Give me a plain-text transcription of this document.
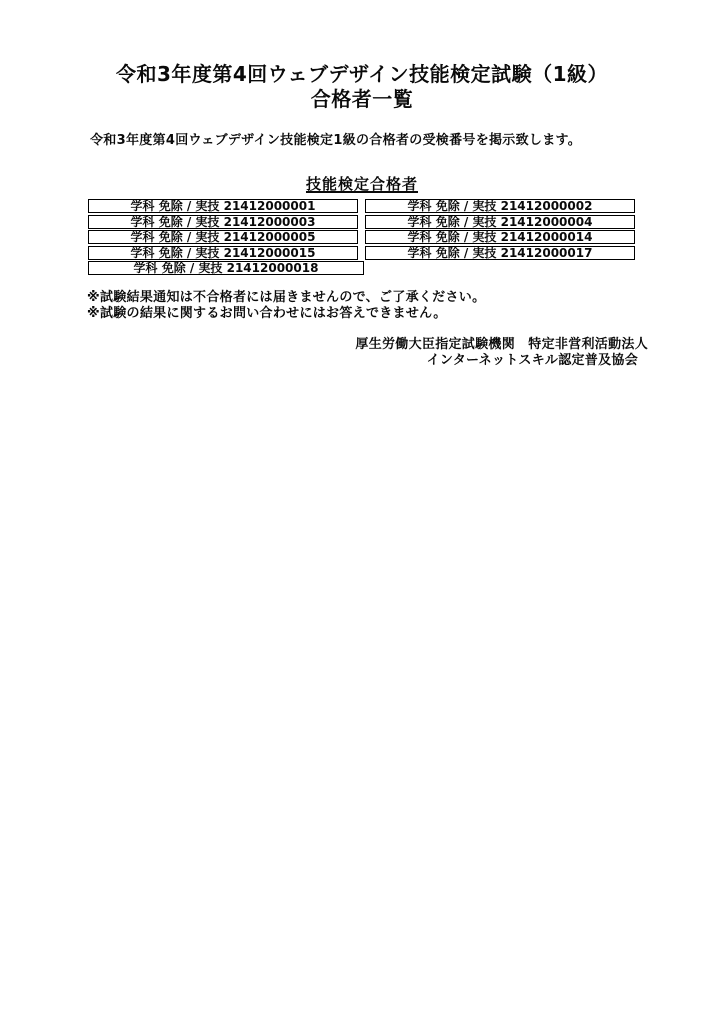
令和3年度第4回ウェブデザイン技能検定試験（1級）
合格者一覧
令和3年度第4回ウェブデザイン技能検定1級の合格者の受検番号を掲示致します。
技能検定合格者
学科 免除 / 実技 21412000001	学科 免除 / 実技 21412000002
学科 免除 / 実技 21412000003	学科 免除 / 実技 21412000004
学科 免除 / 実技 21412000005	学科 免除 / 実技 21412000014
学科 免除 / 実技 21412000015	学科 免除 / 実技 21412000017
学科 免除 / 実技 21412000018
※試験結果通知は不合格者には届きませんので、ご了承ください。
※試験の結果に関するお問い合わせにはお答えできません。
厚生労働大臣指定試験機関　特定非営利活動法人
インターネットスキル認定普及協会
